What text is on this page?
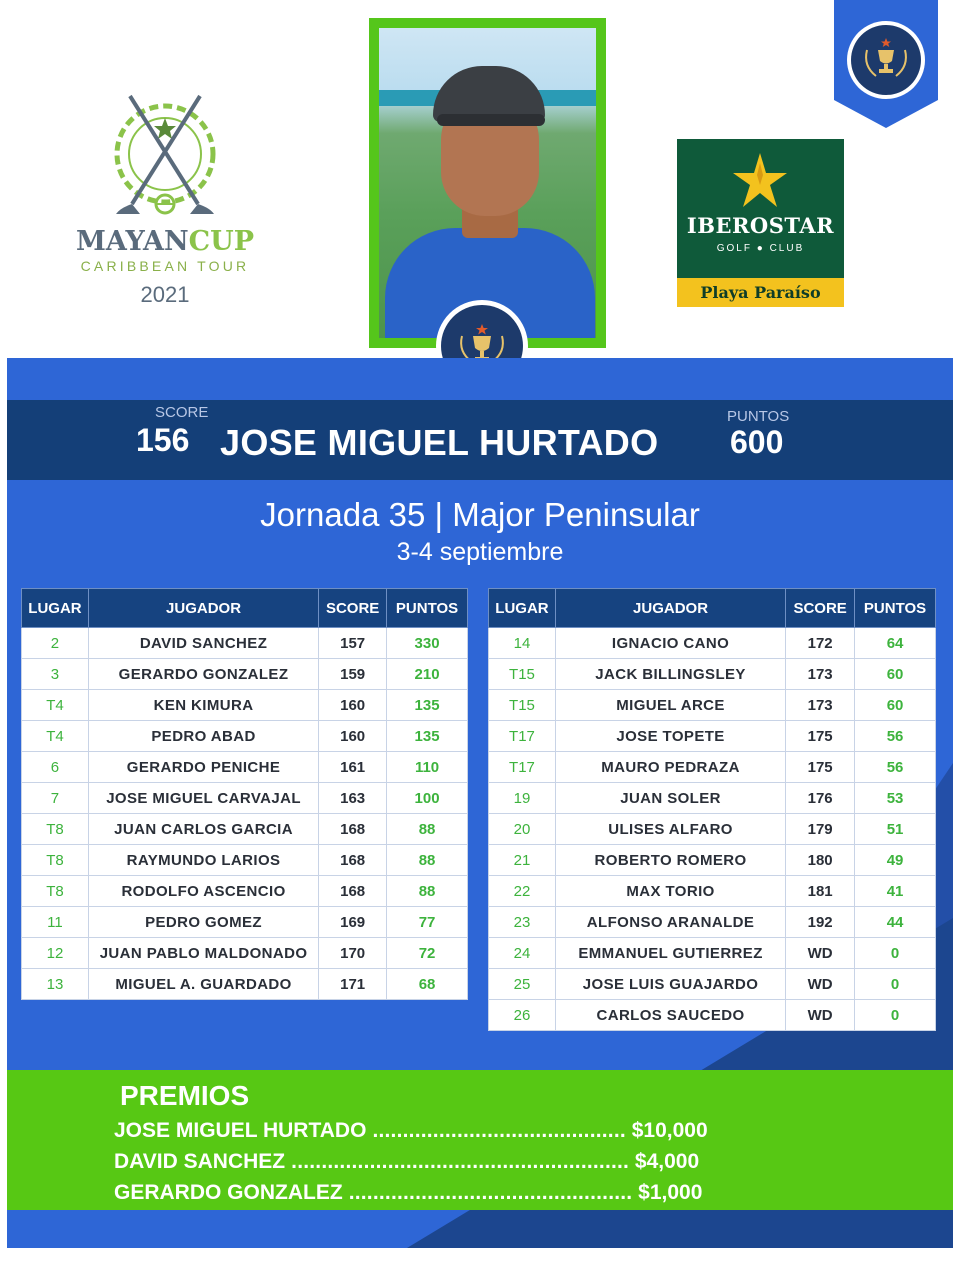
MAYANCUP
CARIBBEAN TOUR
2021
IBEROSTAR
GOLF ● CLUB
Playa Paraíso
SCORE
156 JOSE MIGUEL HURTADO
PUNTOS
600
Jornada 35 | Major Peninsular
3-4 septiembre
LUGAR	JUGADOR	SCORE	PUNTOS
2	DAVID SANCHEZ	157	330
3	GERARDO GONZALEZ	159	210
T4	KEN KIMURA	160	135
T4	PEDRO ABAD	160	135
6	GERARDO PENICHE	161	110
7	JOSE MIGUEL CARVAJAL	163	100
T8	JUAN CARLOS GARCIA	168	88
T8	RAYMUNDO LARIOS	168	88
T8	RODOLFO ASCENCIO	168	88
11	PEDRO GOMEZ	169	77
12	JUAN PABLO MALDONADO	170	72
13	MIGUEL A. GUARDADO	171	68
LUGAR	JUGADOR	SCORE	PUNTOS
14	IGNACIO CANO	172	64
T15	JACK BILLINGSLEY	173	60
T15	MIGUEL ARCE	173	60
T17	JOSE TOPETE	175	56
T17	MAURO PEDRAZA	175	56
19	JUAN SOLER	176	53
20	ULISES ALFARO	179	51
21	ROBERTO ROMERO	180	49
22	MAX TORIO	181	41
23	ALFONSO ARANALDE	192	44
24	EMMANUEL GUTIERREZ	WD	0
25	JOSE LUIS GUAJARDO	WD	0
26	CARLOS SAUCEDO	WD	0
PREMIOS
JOSE MIGUEL HURTADO .......................................... $10,000
DAVID SANCHEZ ........................................................ $4,000
GERARDO GONZALEZ ............................................... $1,000
